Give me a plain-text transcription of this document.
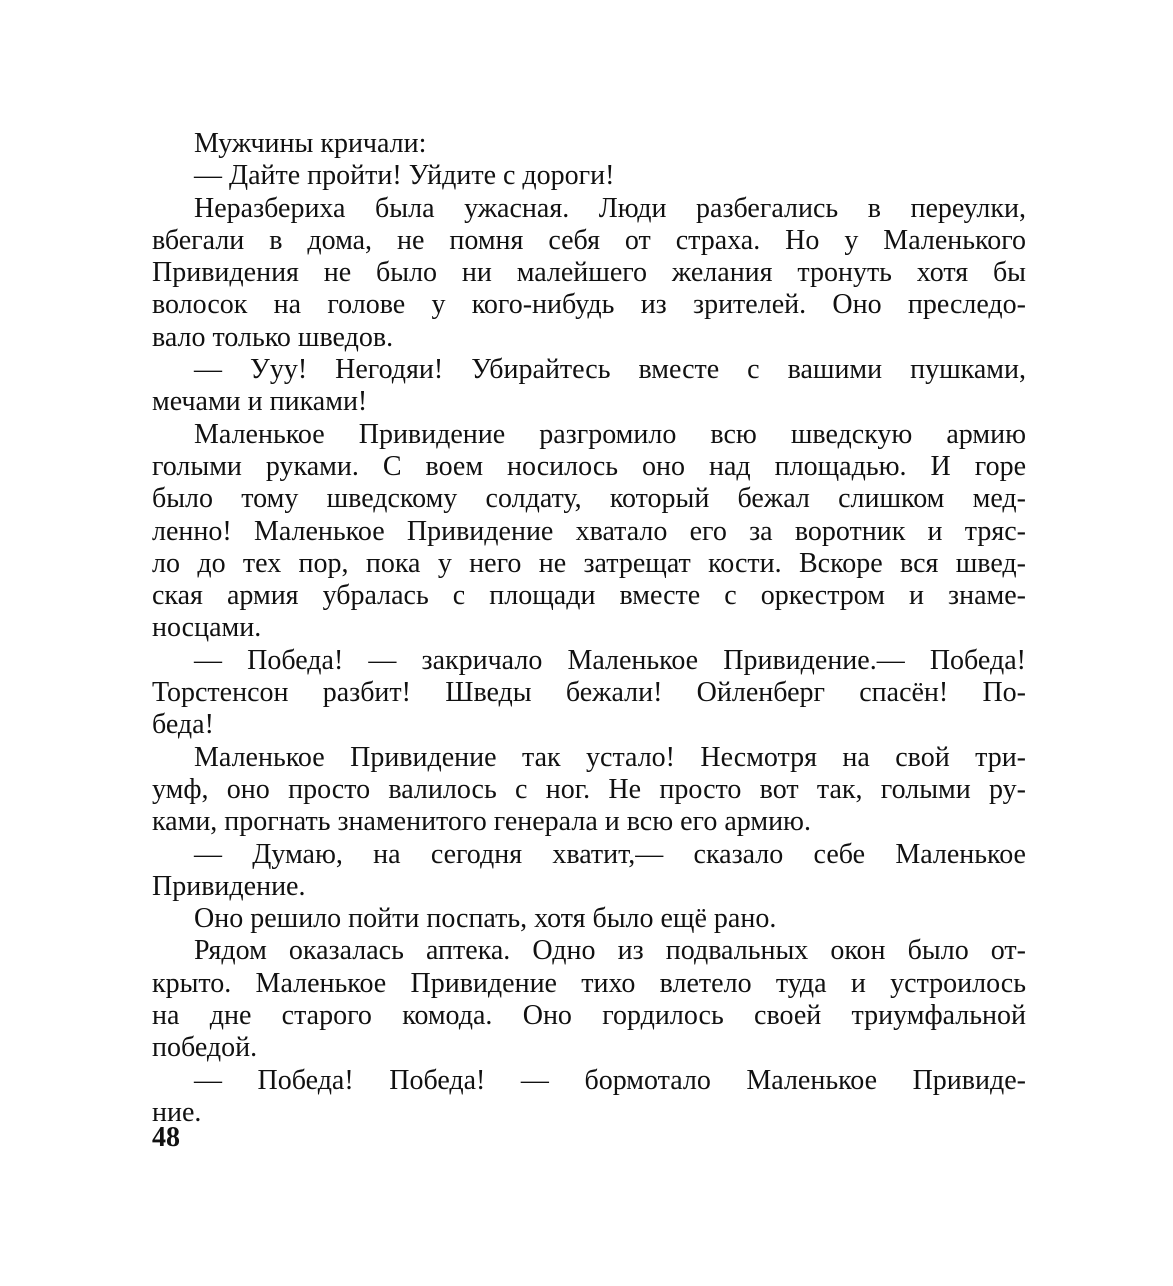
Мужчины кричали:
— Дайте пройти! Уйдите с дороги!
Неразбериха была ужасная. Люди разбегались в переулки,
вбегали в дома, не помня себя от страха. Но у Маленького
Привидения не было ни малейшего желания тронуть хотя бы
волосок на голове у кого-нибудь из зрителей. Оно преследо-
вало только шведов.
— Ууу! Негодяи! Убирайтесь вместе с вашими пушками,
мечами и пиками!
Маленькое Привидение разгромило всю шведскую армию
голыми руками. С воем носилось оно над площадью. И горе
было тому шведскому солдату, который бежал слишком мед-
ленно! Маленькое Привидение хватало его за воротник и тряс-
ло до тех пор, пока у него не затрещат кости. Вскоре вся швед-
ская армия убралась с площади вместе с оркестром и знаме-
носцами.
— Победа! — закричало Маленькое Привидение.— Победа!
Торстенсон разбит! Шведы бежали! Ойленберг спасён! По-
беда!
Маленькое Привидение так устало! Несмотря на свой три-
умф, оно просто валилось с ног. Не просто вот так, голыми ру-
ками, прогнать знаменитого генерала и всю его армию.
— Думаю, на сегодня хватит,— сказало себе Маленькое
Привидение.
Оно решило пойти поспать, хотя было ещё рано.
Рядом оказалась аптека. Одно из подвальных окон было от-
крыто. Маленькое Привидение тихо влетело туда и устроилось
на дне старого комода. Оно гордилось своей триумфальной
победой.
— Победа! Победа! — бормотало Маленькое Привиде-
ние.
48
